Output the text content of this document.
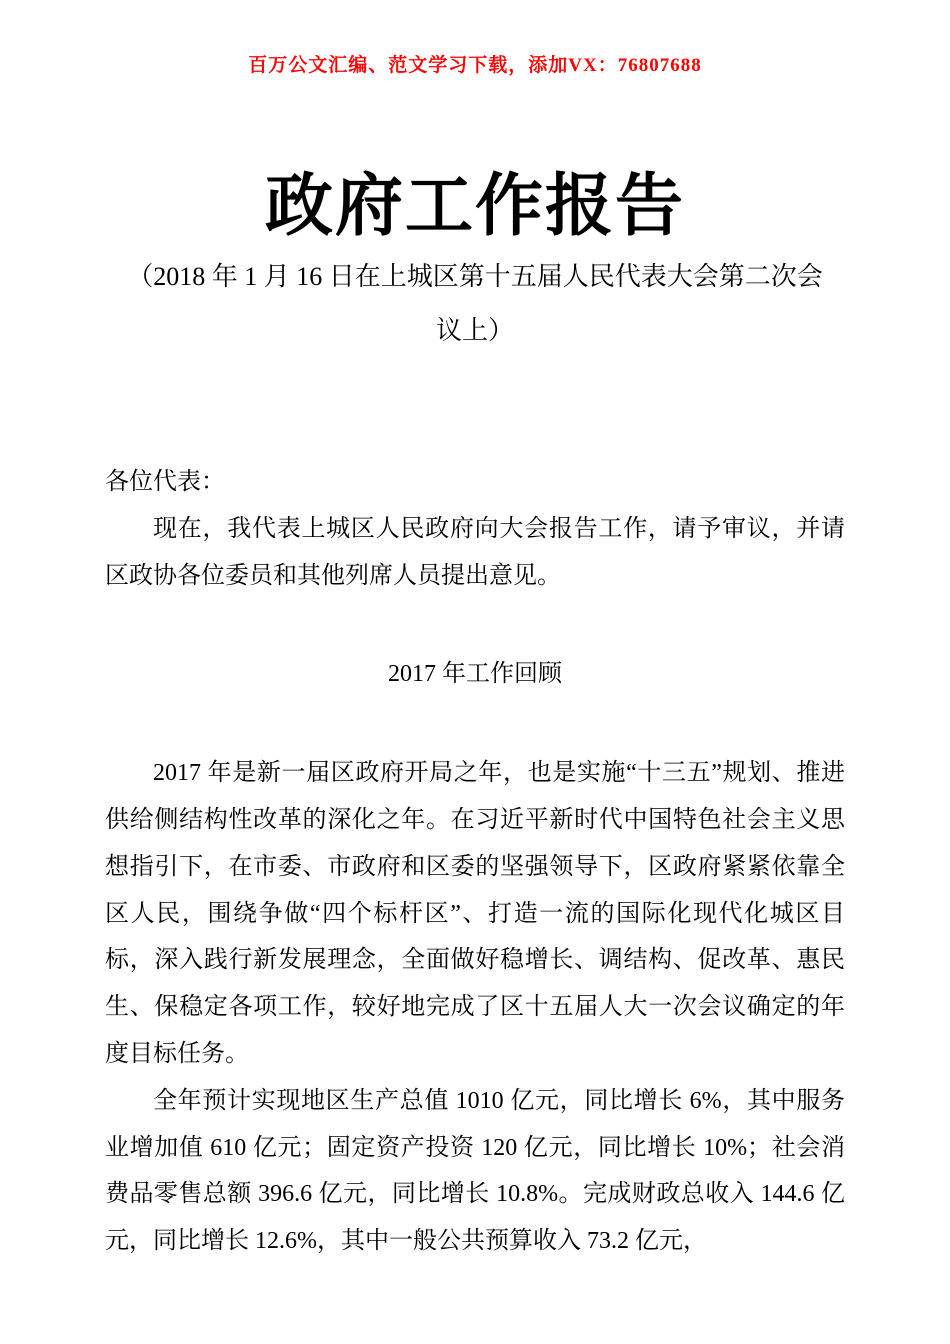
百万公文汇编、范文学习下载，添加VX：76807688
政府工作报告
（2018 年 1 月 16 日在上城区第十五届人民代表大会第二次会议上）

各位代表：

现在，我代表上城区人民政府向大会报告工作，请予审议，并请区政协各位委员和其他列席人员提出意见。

2017 年工作回顾

2017 年是新一届区政府开局之年，也是实施“十三五”规划、推进供给侧结构性改革的深化之年。在习近平新时代中国特色社会主义思想指引下，在市委、市政府和区委的坚强领导下，区政府紧紧依靠全区人民，围绕争做“四个标杆区”、打造一流的国际化现代化城区目标，深入践行新发展理念，全面做好稳增长、调结构、促改革、惠民生、保稳定各项工作，较好地完成了区十五届人大一次会议确定的年度目标任务。

全年预计实现地区生产总值 1010 亿元，同比增长 6%，其中服务业增加值 610 亿元；固定资产投资 120 亿元，同比增长 10%；社会消费品零售总额 396.6 亿元，同比增长 10.8%。完成财政总收入 144.6 亿元，同比增长 12.6%，其中一般公共预算收入 73.2 亿元，
